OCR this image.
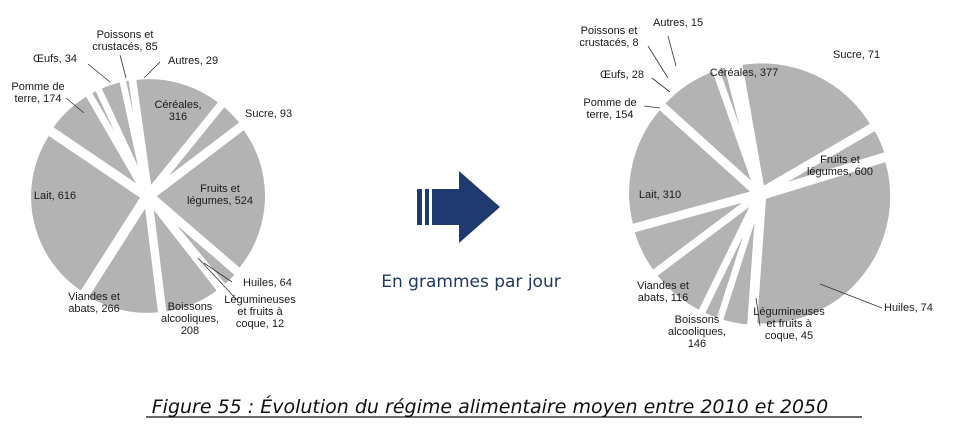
Céréales, 316	Sucre, 93
Fruits et légumes, 524
Huiles, 64
Légumineuses et fruits à coque, 12
Boissons alcooliques, 208
Viandes et abats, 266
Lait, 616
Pomme de terre, 174
Œufs, 34
Poissons et crustacés, 85
Autres, 29
Céréales, 377
Sucre, 71
Fruits et légumes, 600
Huiles, 74
Légumineuses et fruits à coque, 45
Boissons alcooliques, 146
Viandes et abats, 116
Lait, 310
Pomme de terre, 154
Œufs, 28
Poissons et crustacés, 8
Autres, 15
En grammes par jour
Figure 55 : Évolution du régime alimentaire moyen entre 2010 et 2050
